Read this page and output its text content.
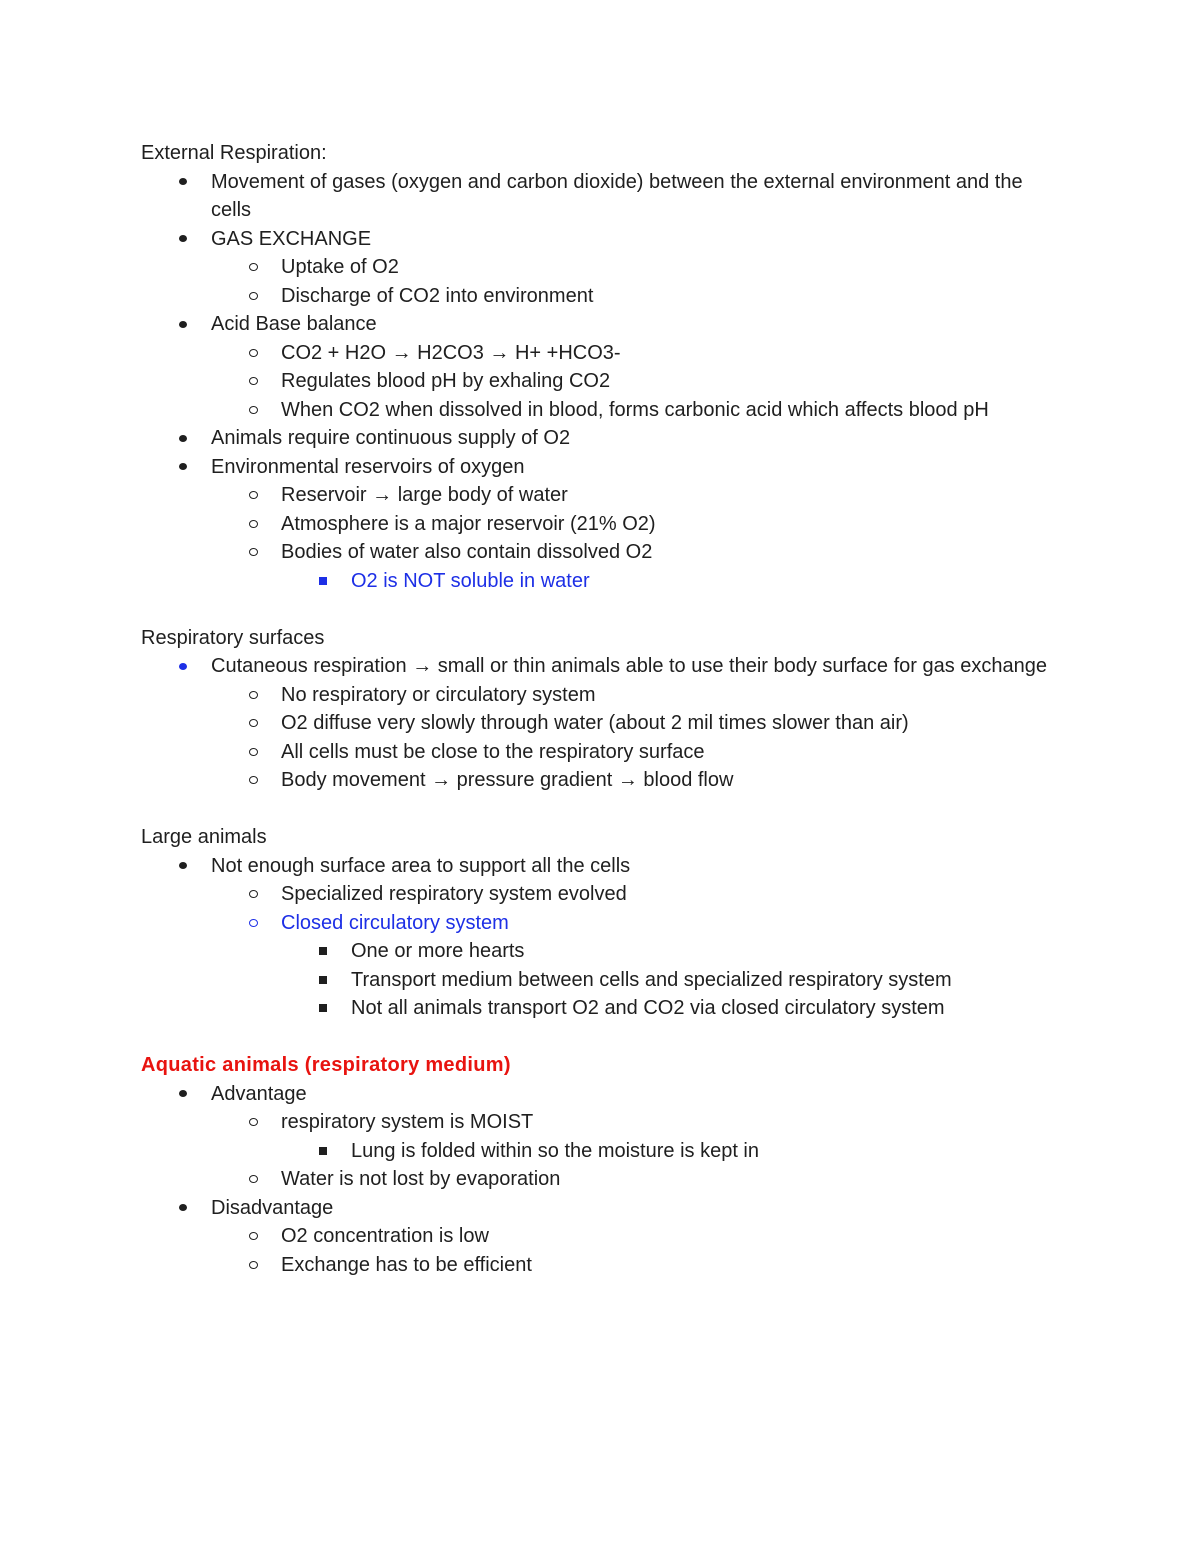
External Respiration:
Movement of gases (oxygen and carbon dioxide) between the external environment and the cells
GAS EXCHANGE
Uptake of O2
Discharge of CO2 into environment
Acid Base balance
CO2 + H2O → H2CO3 → H+ +HCO3-
Regulates blood pH by exhaling CO2
When CO2 when dissolved in blood, forms carbonic acid which affects blood pH
Animals require continuous supply of O2
Environmental reservoirs of oxygen
Reservoir → large body of water
Atmosphere is a major reservoir (21% O2)
Bodies of water also contain dissolved O2
O2 is NOT soluble in water
Respiratory surfaces
Cutaneous respiration → small or thin animals able to use their body surface for gas exchange
No respiratory or circulatory system
O2 diffuse very slowly through water (about 2 mil times slower than air)
All cells must be close to the respiratory surface
Body movement → pressure gradient → blood flow
Large animals
Not enough surface area to support all the cells
Specialized respiratory system evolved
Closed circulatory system
One or more hearts
Transport medium between cells and specialized respiratory system
Not all animals transport O2 and CO2 via closed circulatory system
Aquatic animals (respiratory medium)
Advantage
respiratory system is MOIST
Lung is folded within so the moisture is kept in
Water is not lost by evaporation
Disadvantage
O2 concentration is low
Exchange has to be efficient
